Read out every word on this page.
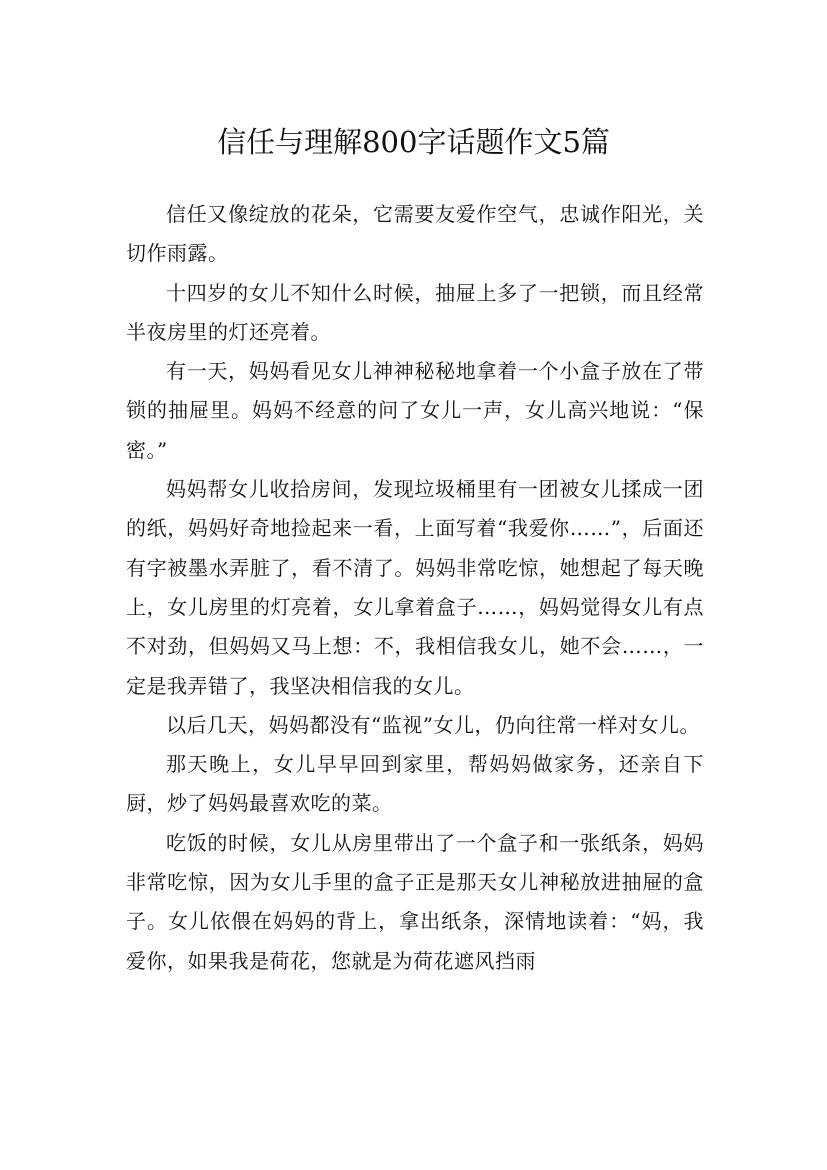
信任与理解800字话题作文5篇

信任又像绽放的花朵，它需要友爱作空气，忠诚作阳光，关切作雨露。

十四岁的女儿不知什么时候，抽屉上多了一把锁，而且经常半夜房里的灯还亮着。

有一天，妈妈看见女儿神神秘秘地拿着一个小盒子放在了带锁的抽屉里。妈妈不经意的问了女儿一声，女儿高兴地说：“保密。”

妈妈帮女儿收拾房间，发现垃圾桶里有一团被女儿揉成一团的纸，妈妈好奇地捡起来一看，上面写着“我爱你……”，后面还有字被墨水弄脏了，看不清了。妈妈非常吃惊，她想起了每天晚上，女儿房里的灯亮着，女儿拿着盒子……，妈妈觉得女儿有点不对劲，但妈妈又马上想：不，我相信我女儿，她不会……，一定是我弄错了，我坚决相信我的女儿。

以后几天，妈妈都没有“监视”女儿，仍向往常一样对女儿。

那天晚上，女儿早早回到家里，帮妈妈做家务，还亲自下厨，炒了妈妈最喜欢吃的菜。

吃饭的时候，女儿从房里带出了一个盒子和一张纸条，妈妈非常吃惊，因为女儿手里的盒子正是那天女儿神秘放进抽屉的盒子。女儿依偎在妈妈的背上，拿出纸条，深情地读着：“妈，我爱你，如果我是荷花，您就是为荷花遮风挡雨
